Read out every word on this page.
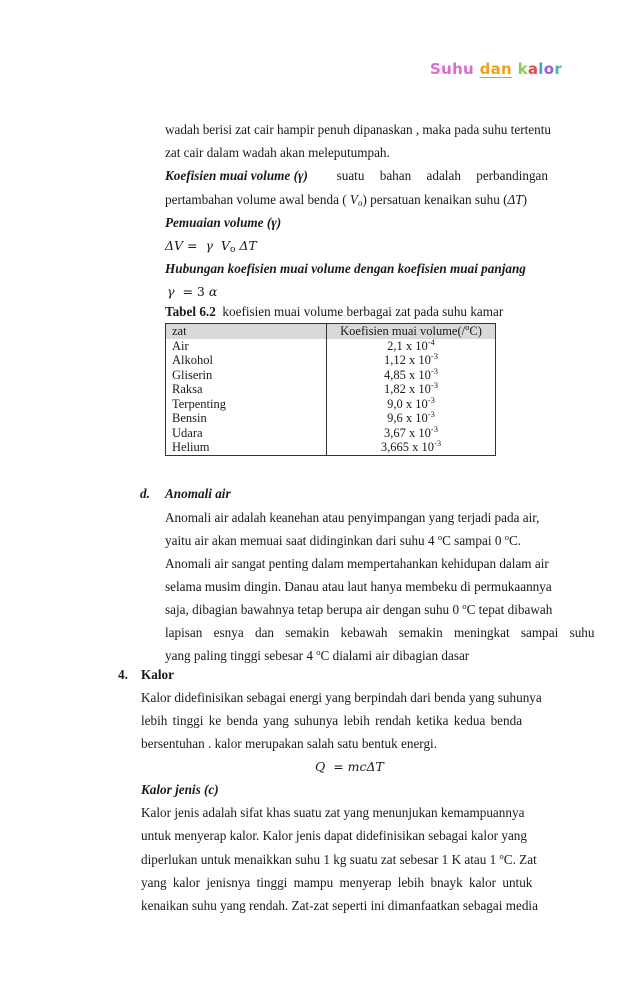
Suhu dan kalor
wadah berisi zat cair hampir penuh dipanaskan , maka pada suhu tertentu
zat cair dalam wadah akan meleputumpah.
Koefisien muai volume (γ) suatu bahan adalah perbandingan
pertambahan volume awal benda ( $V_o$) persatuan kenaikan suhu (ΔT)
Pemuaian volume (γ)
ΔV = γ $V_o$ ΔT
Hubungan koefisien muai volume dengan koefisien muai panjang
γ = 3 α
Tabel 6.2  koefisien muai volume berbagai zat pada suhu kamar
zat	Koefisien muai volume(/$^o$C)
Air	2,1 x $10^{-4}$
Alkohol	1,12 x $10^{-3}$
Gliserin	4,85 x $10^{-3}$
Raksa	1,82 x $10^{-3}$
Terpenting	9,0 x $10^{-3}$
Bensin	9,6 x $10^{-3}$
Udara	3,67 x $10^{-3}$
Helium	3,665 x $10^{-3}$
d. Anomali air
Anomali air adalah keanehan atau penyimpangan yang terjadi pada air,
yaitu air akan memuai saat didinginkan dari suhu 4 $^o$C sampai 0 $^o$C.
Anomali air sangat penting dalam mempertahankan kehidupan dalam air
selama musim dingin. Danau atau laut hanya membeku di permukaannya
saja, dibagian bawahnya tetap berupa air dengan suhu 0 $^o$C tepat dibawah
lapisan esnya dan semakin kebawah semakin meningkat sampai suhu
yang paling tinggi sebesar 4 $^o$C dialami air dibagian dasar
4. Kalor
Kalor didefinisikan sebagai energi yang berpindah dari benda yang suhunya
lebih tinggi ke benda yang suhunya lebih rendah ketika kedua benda
bersentuhan . kalor merupakan salah satu bentuk energi.
Q = mcΔT
Kalor jenis (c)
Kalor jenis adalah sifat khas suatu zat yang menunjukan kemampuannya
untuk menyerap kalor. Kalor jenis dapat didefinisikan sebagai kalor yang
diperlukan untuk menaikkan suhu 1 kg suatu zat sebesar 1 K atau 1 $^o$C. Zat
yang kalor jenisnya tinggi mampu menyerap lebih bnayk kalor untuk
kenaikan suhu yang rendah. Zat-zat seperti ini dimanfaatkan sebagai media
